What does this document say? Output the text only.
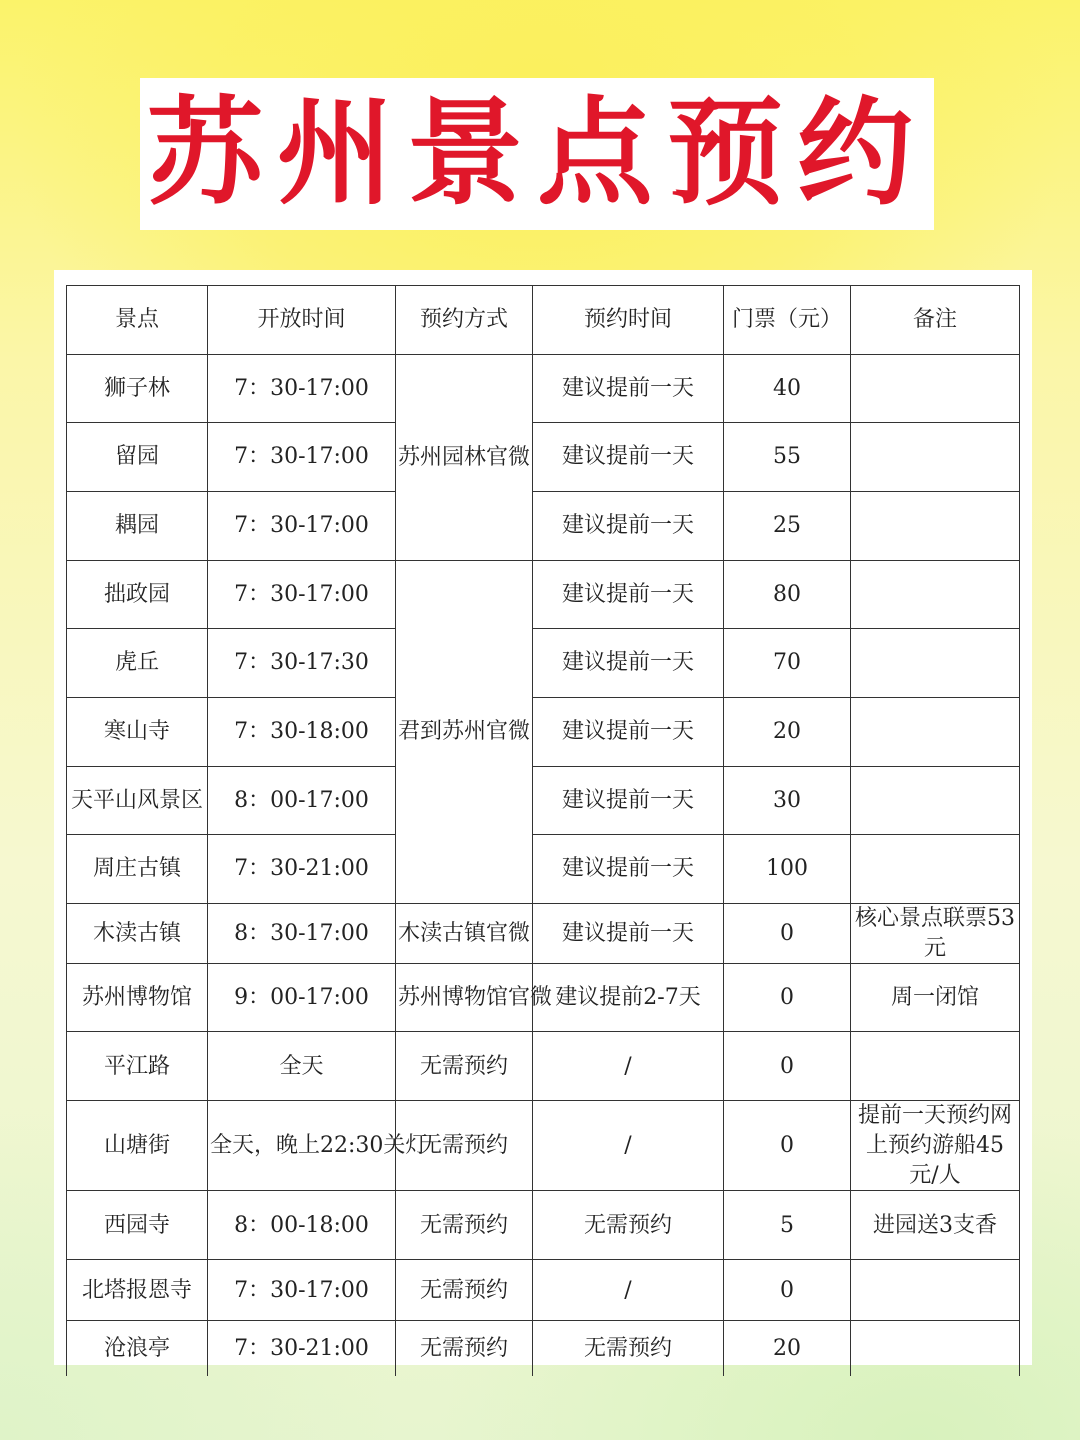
苏州景点预约
景点	开放时间	预约方式	预约时间	门票（元）	备注
狮子林	7：30-17:00	苏州园林官微	建议提前一天	40	
留园	7：30-17:00		建议提前一天	55	
耦园	7：30-17:00		建议提前一天	25	
拙政园	7：30-17:00	君到苏州官微	建议提前一天	80	
虎丘	7：30-17:30		建议提前一天	70	
寒山寺	7：30-18:00		建议提前一天	20	
天平山风景区	8：00-17:00		建议提前一天	30	
周庄古镇	7：30-21:00		建议提前一天	100	
木渎古镇	8：30-17:00	木渎古镇官微	建议提前一天	0	核心景点联票53元
苏州博物馆	9：00-17:00	苏州博物馆官微	建议提前2-7天	0	周一闭馆
平江路	全天	无需预约	/	0	
山塘街	全天，晚上22:30关灯	无需预约	/	0	提前一天预约网上预约游船45元/人
西园寺	8：00-18:00	无需预约	无需预约	5	进园送3支香
北塔报恩寺	7：30-17:00	无需预约	/	0	
沧浪亭	7：30-21:00	无需预约	无需预约	20	
